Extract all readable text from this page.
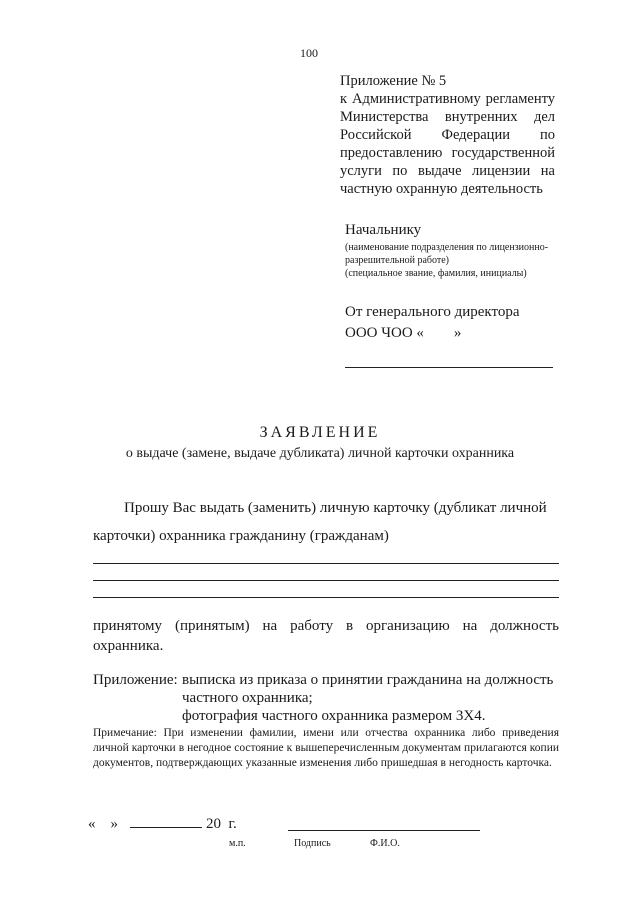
100
Приложение № 5
к Административному регламенту
Министерства внутренних дел
Российской Федерации по
предоставлению государственной
услуги по выдаче лицензии на
частную охранную деятельность
Начальнику
(наименование подразделения по лицензионно-разрешительной работе)
(специальное звание, фамилия, инициалы)
От генерального директора
ООО ЧОО «        »
ЗАЯВЛЕНИЕ
о выдаче (замене, выдаче дубликата) личной карточки охранника
Прошу Вас выдать (заменить) личную карточку (дубликат личной
карточки) охранника гражданину (гражданам)
принятому (принятым) на работу в организацию на должность
охранника.
Приложение: выписка из приказа о принятии гражданина на должность
частного охранника;
фотография частного охранника размером 3Х4.
Примечание: При изменении фамилии, имени или отчества охранника либо приведения личной карточки в негодное состояние к вышеперечисленным документам прилагаются копии документов, подтверждающих указанные изменения либо пришедшая в негодность карточка.
«    »	20  г.
м.п.	Подпись	Ф.И.О.
